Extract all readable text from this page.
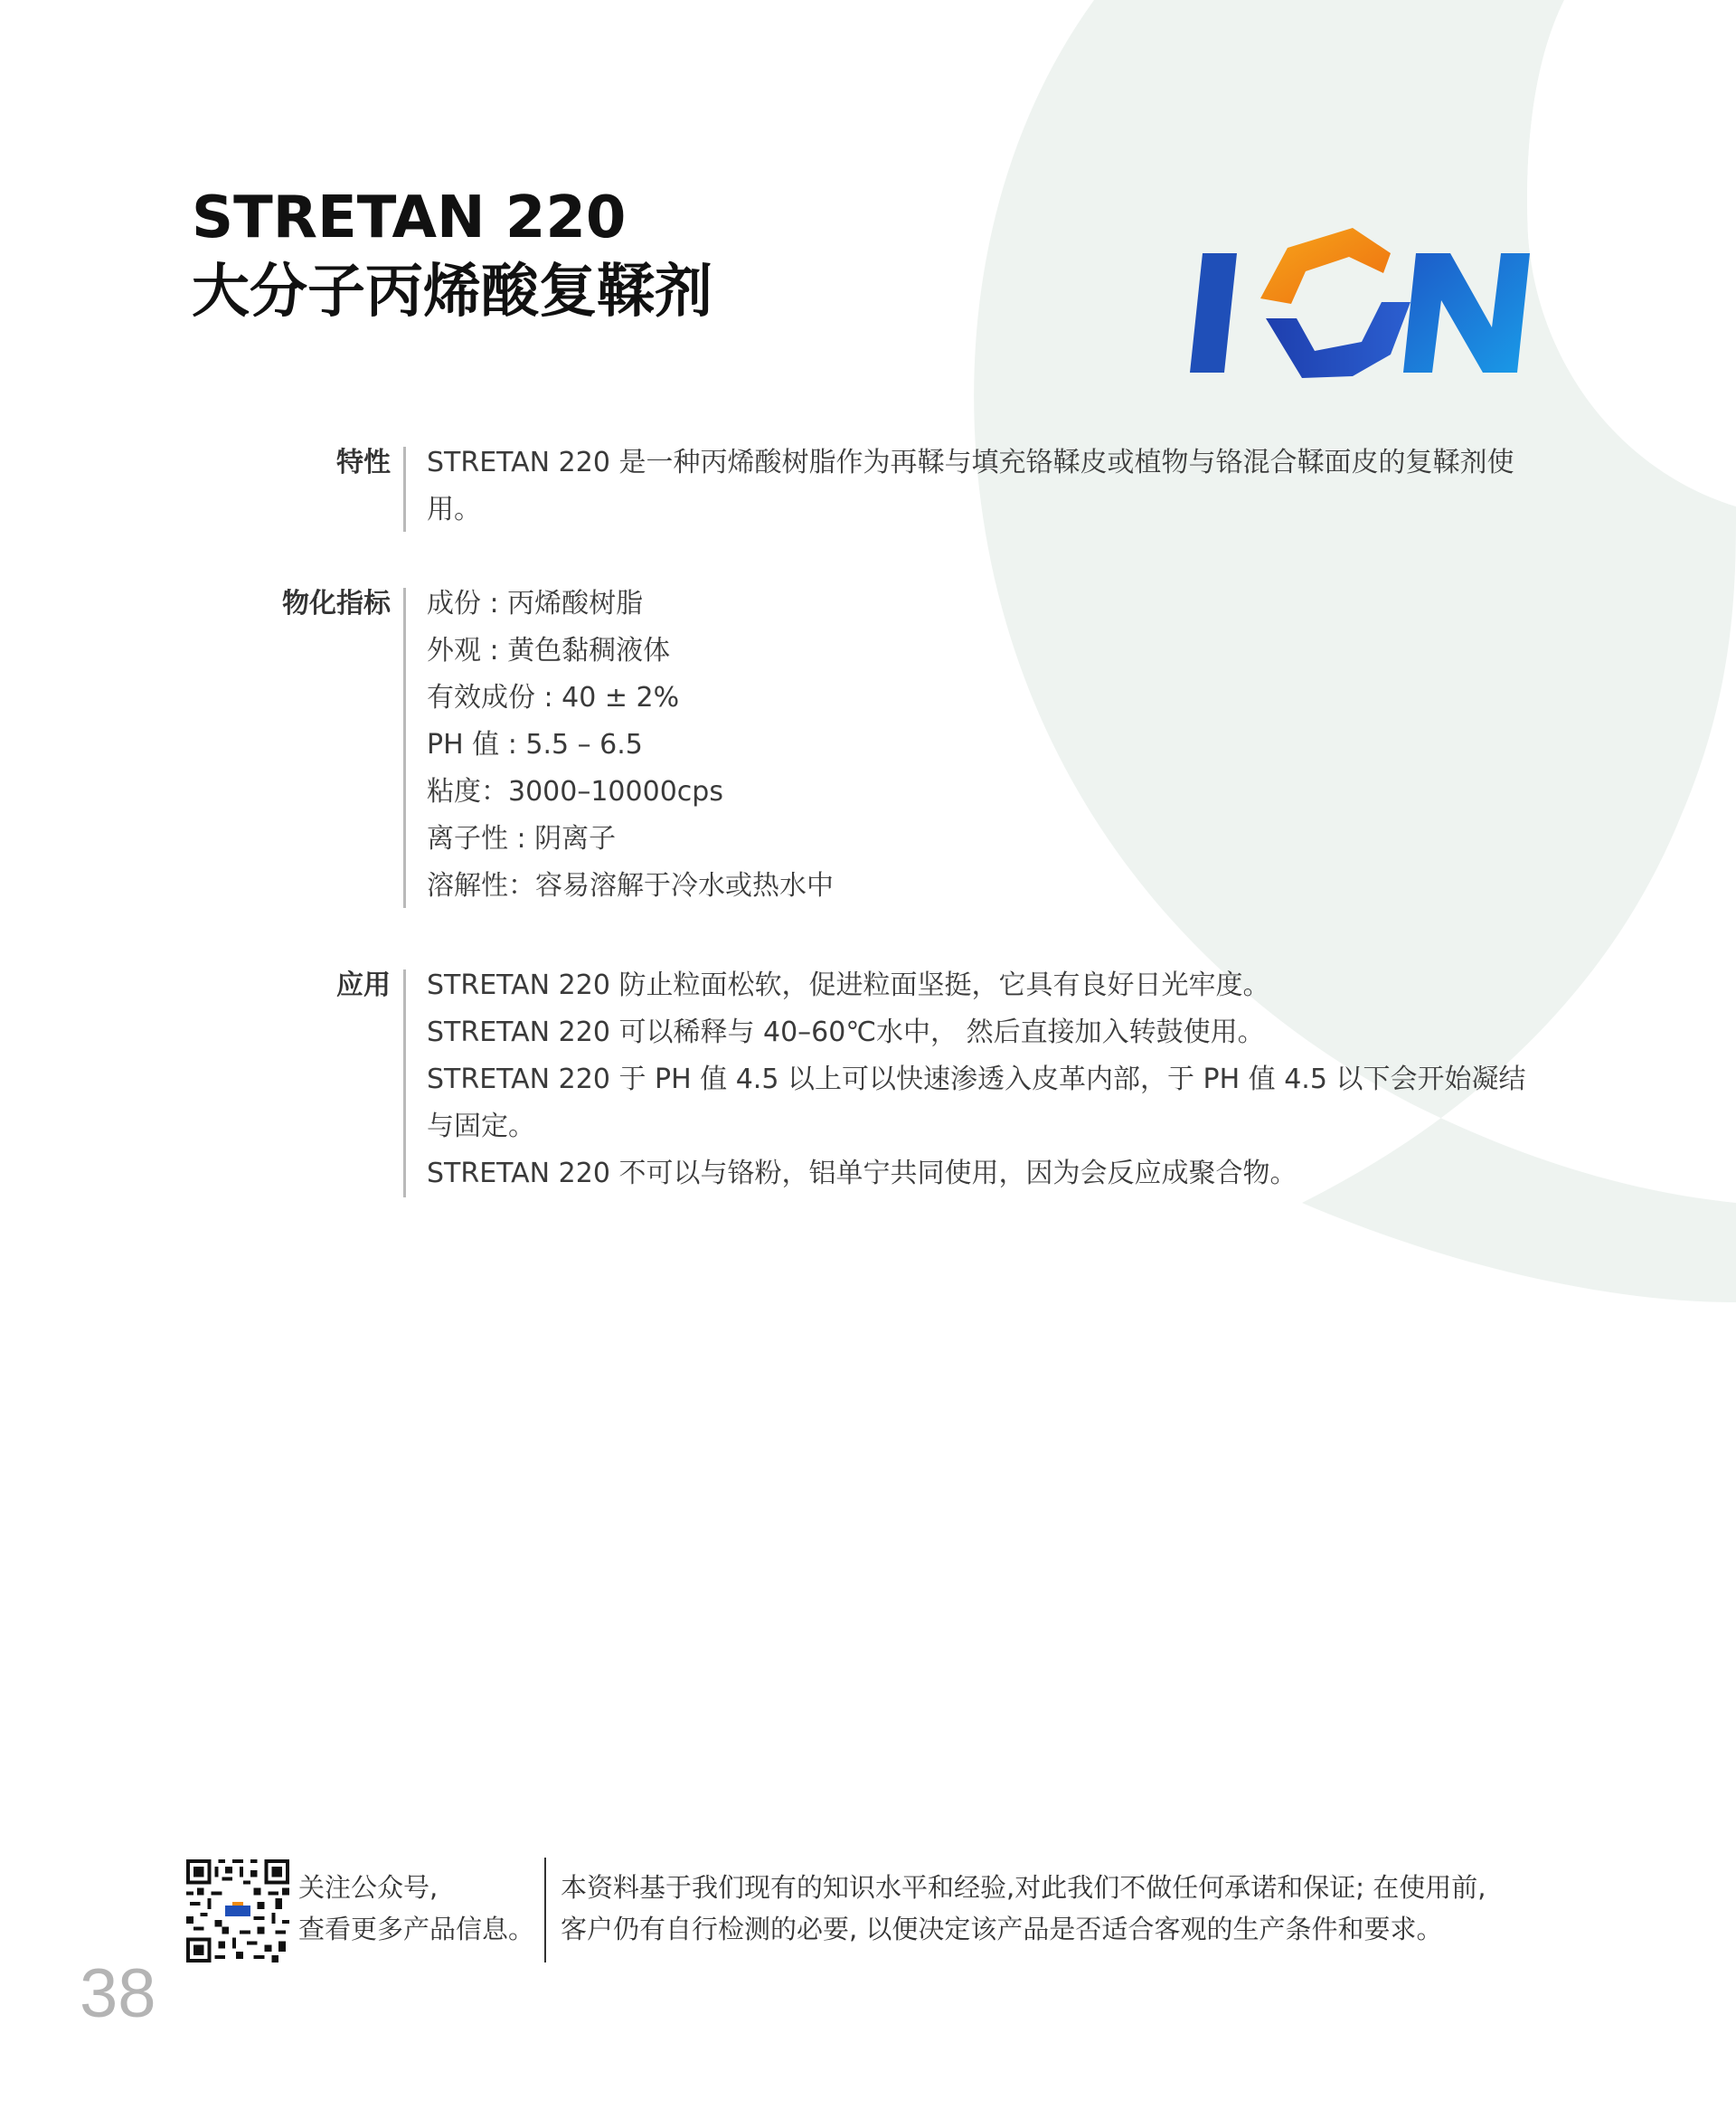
STRETAN 220
大分子丙烯酸复鞣剂
特性 STRETAN 220 是一种丙烯酸树脂作为再鞣与填充铬鞣皮或植物与铬混合鞣面皮的复鞣剂使
用。
物化指标 成份 : 丙烯酸树脂
外观 : 黄色黏稠液体
有效成份 : 40 ± 2%
PH 值 : 5.5 – 6.5
粘度：3000–10000cps
离子性 : 阴离子
溶解性：容易溶解于冷水或热水中
应用 STRETAN 220 防止粒面松软，促进粒面坚挺，它具有良好日光牢度。
STRETAN 220 可以稀释与 40–60℃水中， 然后直接加入转鼓使用。
STRETAN 220 于 PH 值 4.5 以上可以快速渗透入皮革内部，于 PH 值 4.5 以下会开始凝结
与固定。
STRETAN 220 不可以与铬粉，铝单宁共同使用，因为会反应成聚合物。
关注公众号,
查看更多产品信息。
本资料基于我们现有的知识水平和经验,对此我们不做任何承诺和保证; 在使用前,
客户仍有自行检测的必要, 以便决定该产品是否适合客观的生产条件和要求。
38
